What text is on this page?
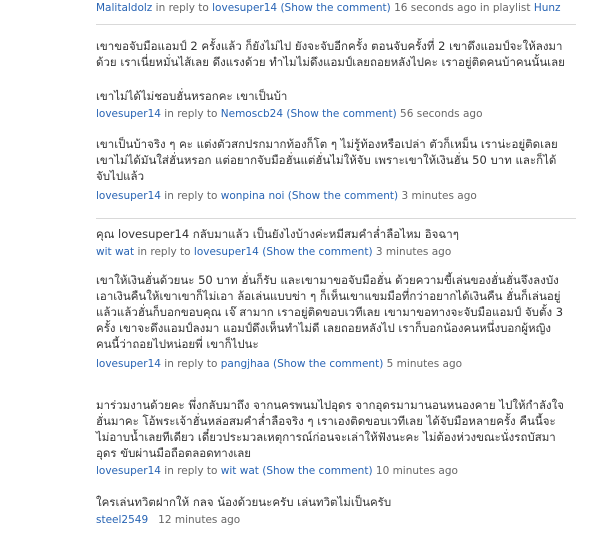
Malitaldolz in reply to lovesuper14 (Show the comment) 16 seconds ago in playlist Hunz
เขาขอจับมือแอมป์ 2 ครั้งแล้ว ก็ยังไม่ไป ยังจะจับอีกครั้ง ตอนจับครั้งที่ 2 เขาดึงแอมป์จะให้ลงมาด้วย เราเนี่ยหมั่นไส้เลย ดึงแรงด้วย ทำไมไม่ดึงแอมป์เลยถอยหลังไปคะ เราอยู่ติดคนบ้าคนนั้นเลย
เขาไม่ได้ไม่ชอบฮั่นหรอกคะ เขาเป็นบ้า
lovesuper14 in reply to Nemoscb24 (Show the comment) 56 seconds ago
เขาเป็นบ้าจริง ๆ คะ แต่งตัวสกปรกมากท้องก็โต ๆ ไม่รู้ท้องหรือเปล่า ตัวก็เหม็น เราน่ะอยู่ติดเลยเขาไม่ได้มันใส่ฮั่นหรอก แต่อยากจับมือฮั่นแต่ฮั่นไม่ให้จับ เพราะเขาให้เงินฮั่น 50 บาท และก็ได้จับไปแล้ว
lovesuper14 in reply to wonpina noi (Show the comment) 3 minutes ago
คุณ lovesuper14 กลับมาแล้ว เป็นยังไงบ้างค่ะหมีสมคำล่ำลือไหม อิจฉาๆ
wit wat in reply to lovesuper14 (Show the comment) 3 minutes ago
เขาให้เงินฮั่นด้วยนะ 50 บาท ฮั่นก็รับ และเขามาขอจับมือฮั่น ด้วยความขี้เล่นของฮั่นฮั่นจึงลงบังเอาเงินคืนให้เขาเขาก็ไม่เอา ล้อเล่นแบบข่า ๆ ก็เห็นเขาแขมมือที่กว่าอยากได้เงินคืน ฮั่นก็เล่นอยู่แล้วแล้วฮั่นก็บอกขอบคุณ เจ๊ สามาก เราอยู่ติดขอบเวทีเลย เขามาขอทางจะจับมือแอมป์ จับตั้ง 3 ครั้ง เขาจะดึงแอมป์ลงมา แอมป์ดึงเห็นทำไม่ดี เลยถอยหลังไป เราก็บอกน้องคนหนึ่งบอกผู้หญิงคนนี้ว่าถอยไปหน่อยพี่ เขาก็ไปนะ
lovesuper14 in reply to pangjhaa (Show the comment) 5 minutes ago
มาร่วมงานด้วยคะ พึ่งกลับมาถึง จากนครพนมไปอุดร จากอุดรมามานอนหนองคาย ไปให้กำลังใจฮั่นมาคะ โอ้พระเจ้าฮั่นหล่อสมคำล่ำลือจริง ๆ เราเองติดขอบเวทีเลย ได้จับมือหลายครั้ง คืนนี้จะไม่อาบน้ำเลยทีเดียว เดี๋ยวประมวลเหตุการณ์ก่อนจะเล่าให้ฟังนะคะ ไม่ต้องห่วงขณะนั่งรถบัสมาอุดร ขับผ่านมือถือตลอดทางเลย
lovesuper14 in reply to wit wat (Show the comment) 10 minutes ago
ใครเล่นทวิตฝากให้ กลจ น้องด้วยนะครับ เล่นทวิตไม่เป็นครับ
steel2549   12 minutes ago
